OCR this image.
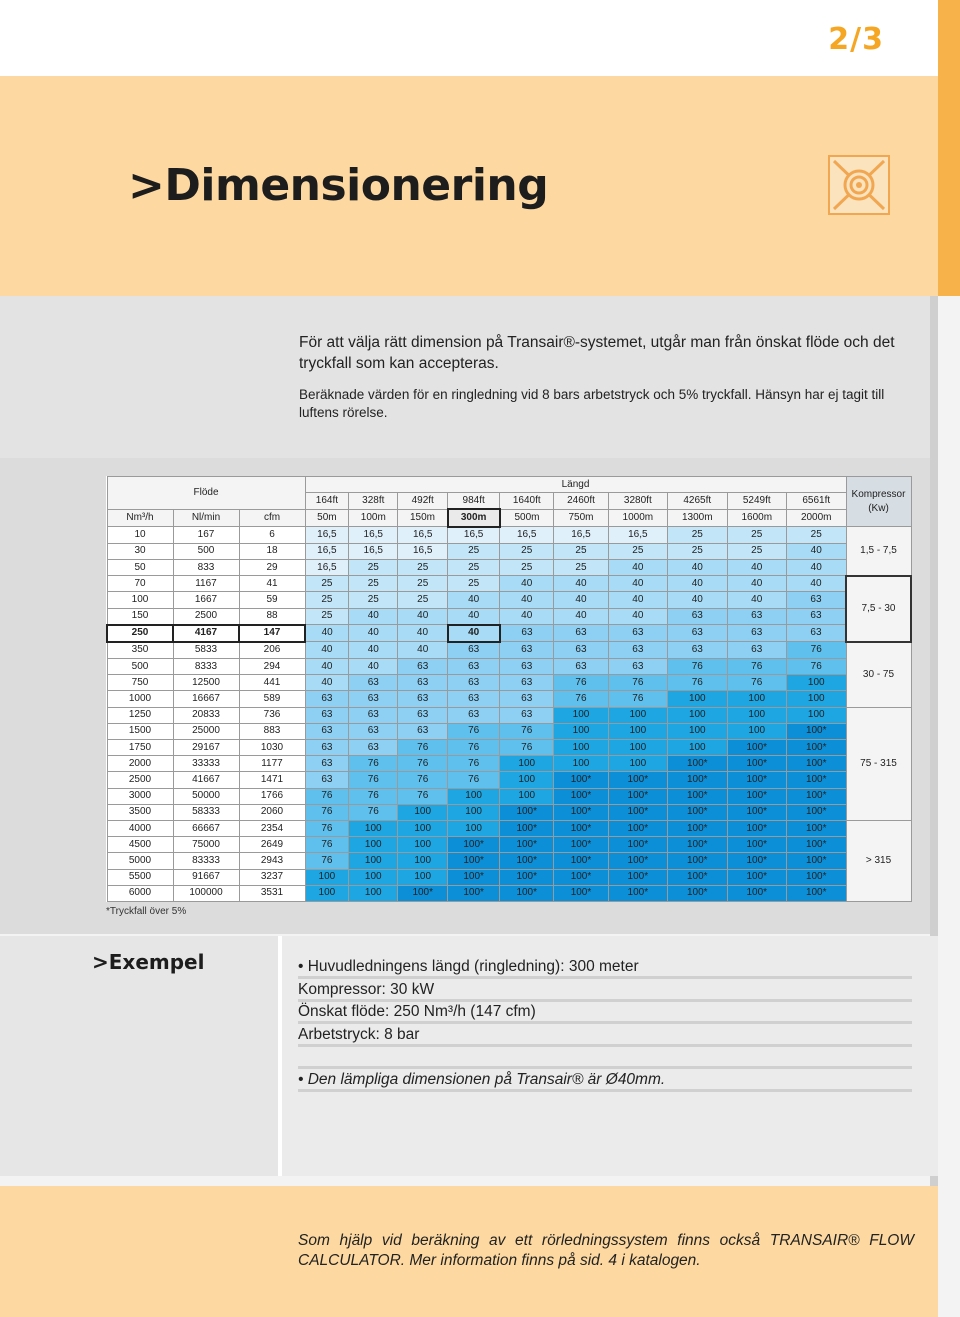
2/3
>Dimensionering
För att välja rätt dimension på Transair®-systemet, utgår man från önskat flöde och det tryckfall som kan accepteras.
Beräknade värden för en ringledning vid 8 bars arbetstryck och 5% tryckfall. Hänsyn har ej tagit till luftens rörelse.
Flöde			Längd										Kompressor (Kw)
			164ft	328ft	492ft	984ft	1640ft	2460ft	3280ft	4265ft	5249ft	6561ft	
Nm³/h	Nl/min	cfm	50m	100m	150m	300m	500m	750m	1000m	1300m	1600m	2000m	
10	167	6	16,5	16,5	16,5	16,5	16,5	16,5	16,5	25	25	25	1,5 - 7,5
30	500	18	16,5	16,5	16,5	25	25	25	25	25	25	40	
50	833	29	16,5	25	25	25	25	25	40	40	40	40	
70	1167	41	25	25	25	25	40	40	40	40	40	40	7,5 - 30
100	1667	59	25	25	25	40	40	40	40	40	40	63	
150	2500	88	25	40	40	40	40	40	40	63	63	63	
250	4167	147	40	40	40	40	63	63	63	63	63	63	
350	5833	206	40	40	40	63	63	63	63	63	63	76	30 - 75
500	8333	294	40	40	63	63	63	63	63	76	76	76	
750	12500	441	40	63	63	63	63	76	76	76	76	100	
1000	16667	589	63	63	63	63	63	76	76	100	100	100	
1250	20833	736	63	63	63	63	63	100	100	100	100	100	75 - 315
1500	25000	883	63	63	63	76	76	100	100	100	100	100*	
1750	29167	1030	63	63	76	76	76	100	100	100	100*	100*	
2000	33333	1177	63	76	76	76	100	100	100	100*	100*	100*	
2500	41667	1471	63	76	76	76	100	100*	100*	100*	100*	100*	
3000	50000	1766	76	76	76	100	100	100*	100*	100*	100*	100*	
3500	58333	2060	76	76	100	100	100*	100*	100*	100*	100*	100*	
4000	66667	2354	76	100	100	100	100*	100*	100*	100*	100*	100*	> 315
4500	75000	2649	76	100	100	100*	100*	100*	100*	100*	100*	100*	
5000	83333	2943	76	100	100	100*	100*	100*	100*	100*	100*	100*	
5500	91667	3237	100	100	100	100*	100*	100*	100*	100*	100*	100*	
6000	100000	3531	100	100	100*	100*	100*	100*	100*	100*	100*	100*	
*Tryckfall över 5%
>Exempel	• Huvudledningens längd (ringledning): 300 meter
Kompressor: 30 kW
Önskat flöde: 250 Nm³/h (147 cfm)
Arbetstryck: 8 bar
• Den lämpliga dimensionen på Transair® är Ø40mm.
Som hjälp vid beräkning av ett rörledningssystem finns också TRANSAIR® FLOW CALCULATOR. Mer information finns på sid. 4 i katalogen.
